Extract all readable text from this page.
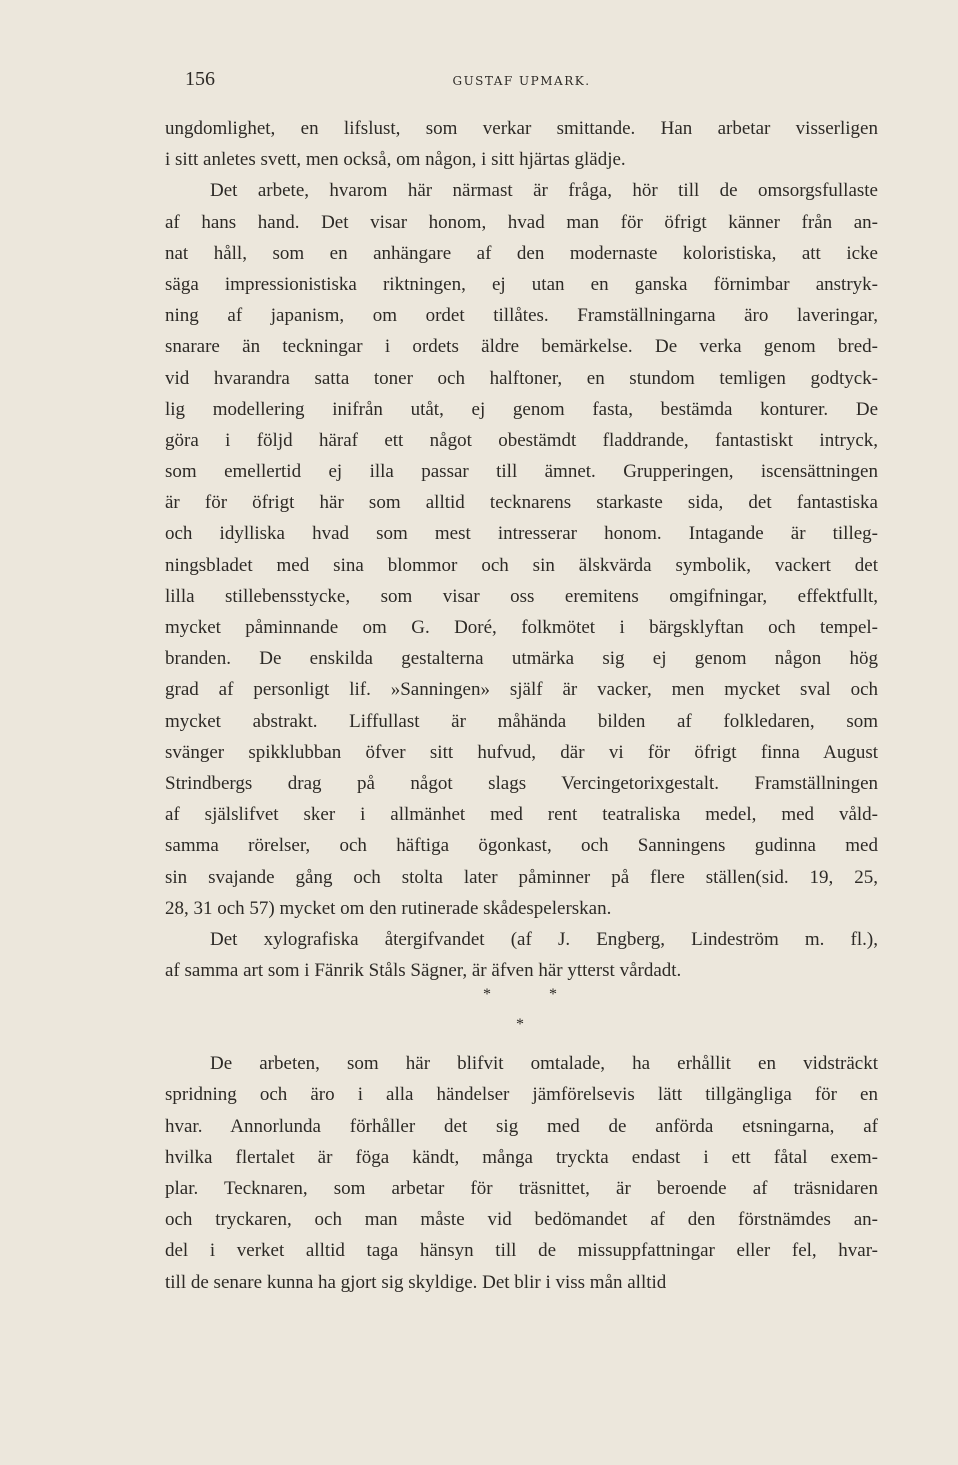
156	GUSTAF UPMARK.
ungdomlighet, en lifslust, som verkar smittande. Han arbetar visserligen
i sitt anletes svett, men också, om någon, i sitt hjärtas glädje.
Det arbete, hvarom här närmast är fråga, hör till de omsorgsfullaste
af hans hand. Det visar honom, hvad man för öfrigt känner från an-
nat håll, som en anhängare af den modernaste koloristiska, att icke
säga impressionistiska riktningen, ej utan en ganska förnimbar anstryk-
ning af japanism, om ordet tillåtes. Framställningarna äro laveringar,
snarare än teckningar i ordets äldre bemärkelse. De verka genom bred-
vid hvarandra satta toner och halftoner, en stundom temligen godtyck-
lig modellering inifrån utåt, ej genom fasta, bestämda konturer. De
göra i följd häraf ett något obestämdt fladdrande, fantastiskt intryck,
som emellertid ej illa passar till ämnet. Grupperingen, iscensättningen
är för öfrigt här som alltid tecknarens starkaste sida, det fantastiska
och idylliska hvad som mest intresserar honom. Intagande är tilleg-
ningsbladet med sina blommor och sin älskvärda symbolik, vackert det
lilla stillebensstycke, som visar oss eremitens omgifningar, effektfullt,
mycket påminnande om G. Doré, folkmötet i bärgsklyftan och tempel-
branden. De enskilda gestalterna utmärka sig ej genom någon hög
grad af personligt lif. »Sanningen» själf är vacker, men mycket sval och
mycket abstrakt. Liffullast är måhända bilden af folkledaren, som
svänger spikklubban öfver sitt hufvud, där vi för öfrigt finna August
Strindbergs drag på något slags Vercingetorixgestalt. Framställningen
af själslifvet sker i allmänhet med rent teatraliska medel, med våld-
samma rörelser, och häftiga ögonkast, och Sanningens gudinna med
sin svajande gång och stolta later påminner på flere ställen(sid. 19, 25,
28, 31 och 57) mycket om den rutinerade skådespelerskan.
Det xylografiska återgifvandet (af J. Engberg, Lindeström m. fl.),
af samma art som i Fänrik Ståls Sägner, är äfven här ytterst vårdadt.
*	*
*
De arbeten, som här blifvit omtalade, ha erhållit en vidsträckt
spridning och äro i alla händelser jämförelsevis lätt tillgängliga för en
hvar. Annorlunda förhåller det sig med de anförda etsningarna, af
hvilka flertalet är föga kändt, många tryckta endast i ett fåtal exem-
plar. Tecknaren, som arbetar för träsnittet, är beroende af träsnidaren
och tryckaren, och man måste vid bedömandet af den förstnämdes an-
del i verket alltid taga hänsyn till de missuppfattningar eller fel, hvar-
till de senare kunna ha gjort sig skyldige. Det blir i viss mån alltid
